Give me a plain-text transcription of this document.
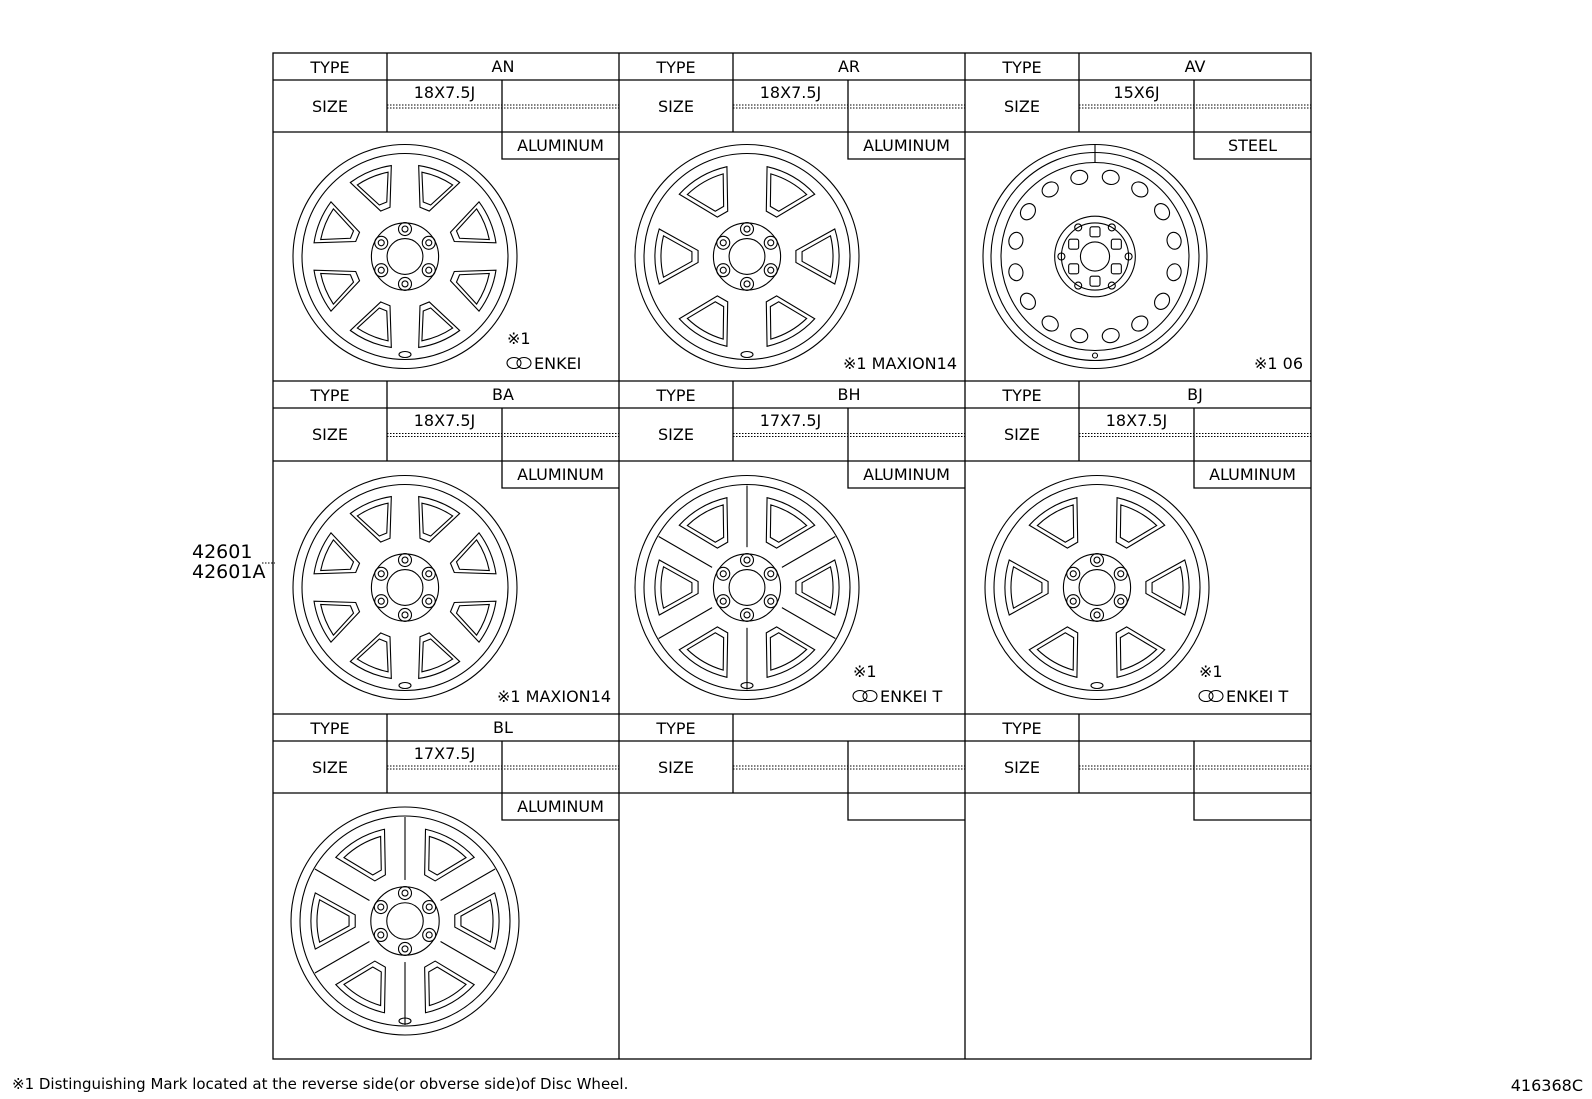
TYPE
SIZE
AN
18X7.5J
ALUMINUM
※1
ENKEI
TYPE
SIZE
AR
18X7.5J
ALUMINUM
※1 MAXION14
TYPE
SIZE
AV
15X6J
STEEL
※1 06
TYPE
SIZE
BA
18X7.5J
ALUMINUM
※1 MAXION14
TYPE
SIZE
BH
17X7.5J
ALUMINUM
※1
ENKEI T
TYPE
SIZE
BJ
18X7.5J
ALUMINUM
※1
ENKEI T
TYPE
SIZE
BL
17X7.5J
ALUMINUM
TYPE
SIZE
TYPE
SIZE
42601
42601A
※1 Distinguishing Mark located at the reverse side(or obverse side)of Disc Wheel.	416368C
